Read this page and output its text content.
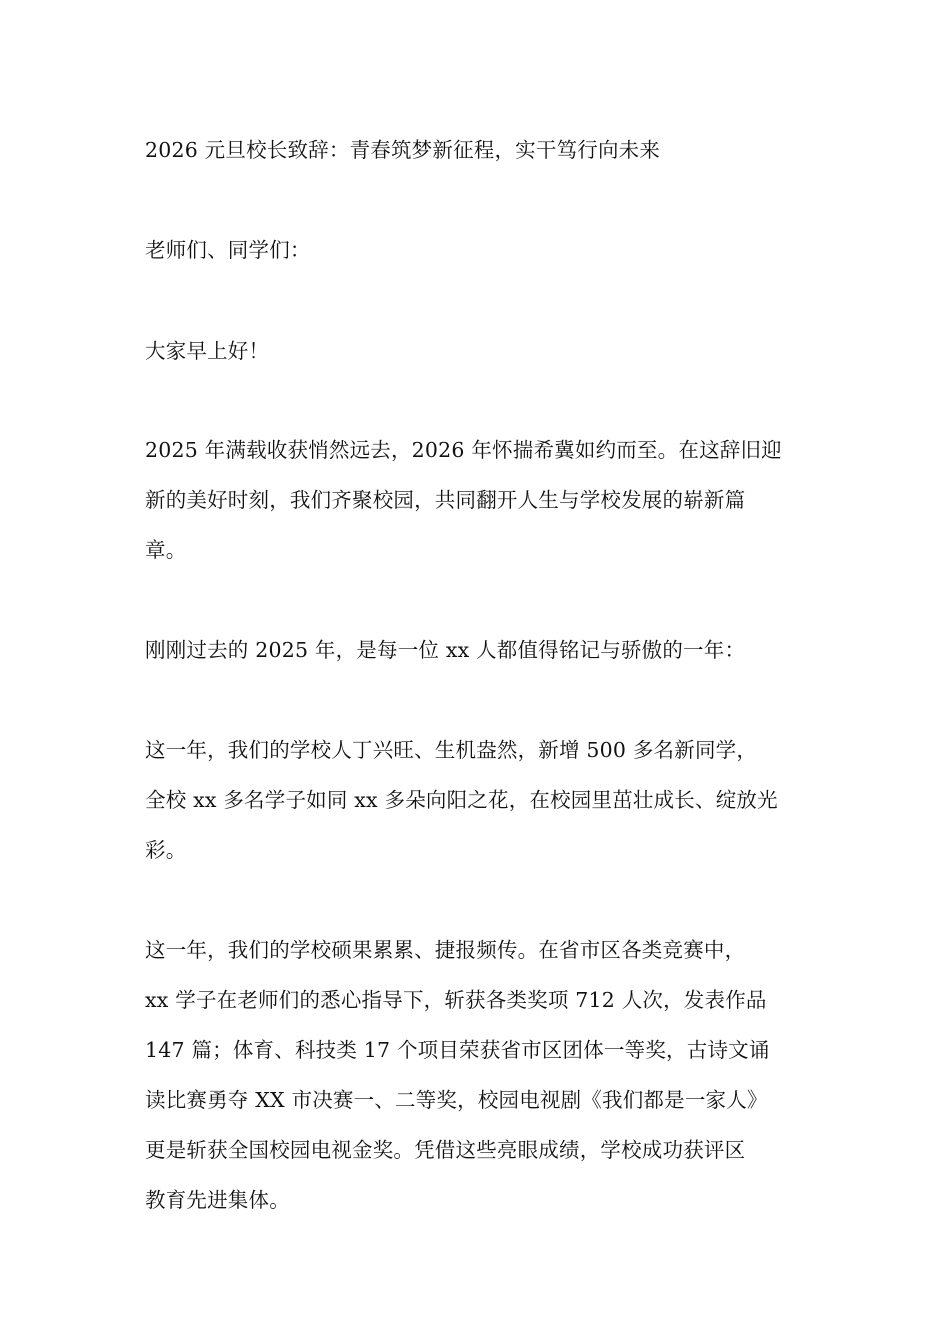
2026 元旦校长致辞：青春筑梦新征程，实干笃行向未来
老师们、同学们：
大家早上好！
2025 年满载收获悄然远去，2026 年怀揣希冀如约而至。在这辞旧迎
新的美好时刻，我们齐聚校园，共同翻开人生与学校发展的崭新篇
章。
刚刚过去的 2025 年，是每一位 xx 人都值得铭记与骄傲的一年：
这一年，我们的学校人丁兴旺、生机盎然，新增 500 多名新同学，
全校 xx 多名学子如同 xx 多朵向阳之花，在校园里茁壮成长、绽放光
彩。
这一年，我们的学校硕果累累、捷报频传。在省市区各类竞赛中，
xx 学子在老师们的悉心指导下，斩获各类奖项 712 人次，发表作品
147 篇；体育、科技类 17 个项目荣获省市区团体一等奖，古诗文诵
读比赛勇夺 XX 市决赛一、二等奖，校园电视剧《我们都是一家人》
更是斩获全国校园电视金奖。凭借这些亮眼成绩，学校成功获评区
教育先进集体。
